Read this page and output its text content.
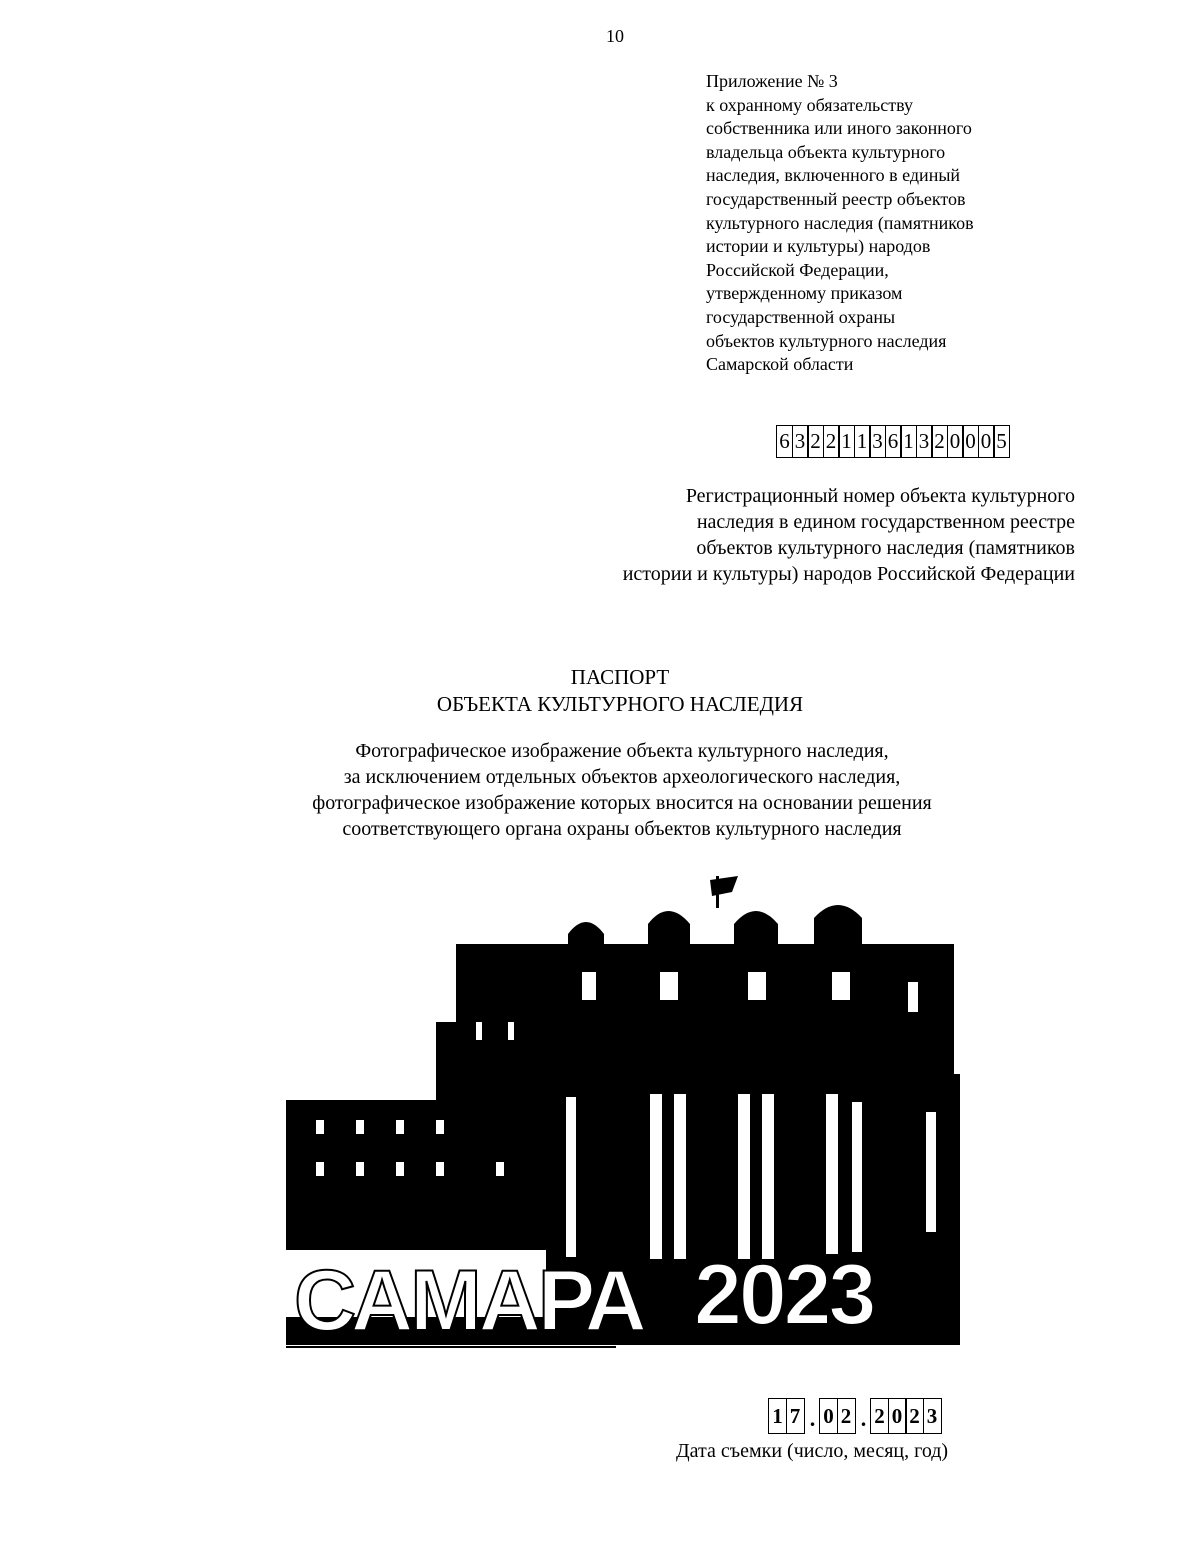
10
Приложение № 3
к охранному обязательству
собственника или иного законного
владельца объекта культурного
наследия, включенного в единый
государственный реестр объектов
культурного наследия (памятников
истории и культуры) народов
Российской Федерации,
утвержденному приказом
государственной охраны
объектов культурного наследия
Самарской области
6 3 2 2 1 1 3 6 1 3 2 0 0 0 5
Регистрационный номер объекта культурного
наследия в едином государственном реестре
объектов культурного наследия (памятников
истории и культуры) народов Российской Федерации
ПАСПОРТ
ОБЪЕКТА КУЛЬТУРНОГО НАСЛЕДИЯ
Фотографическое изображение объекта культурного наследия,
за исключением отдельных объектов археологического наследия,
фотографическое изображение которых вносится на основании решения
соответствующего органа охраны объектов культурного наследия
САМАРА 2023
1 7 . 0 2 . 2 0 2 3
Дата съемки (число, месяц, год)
